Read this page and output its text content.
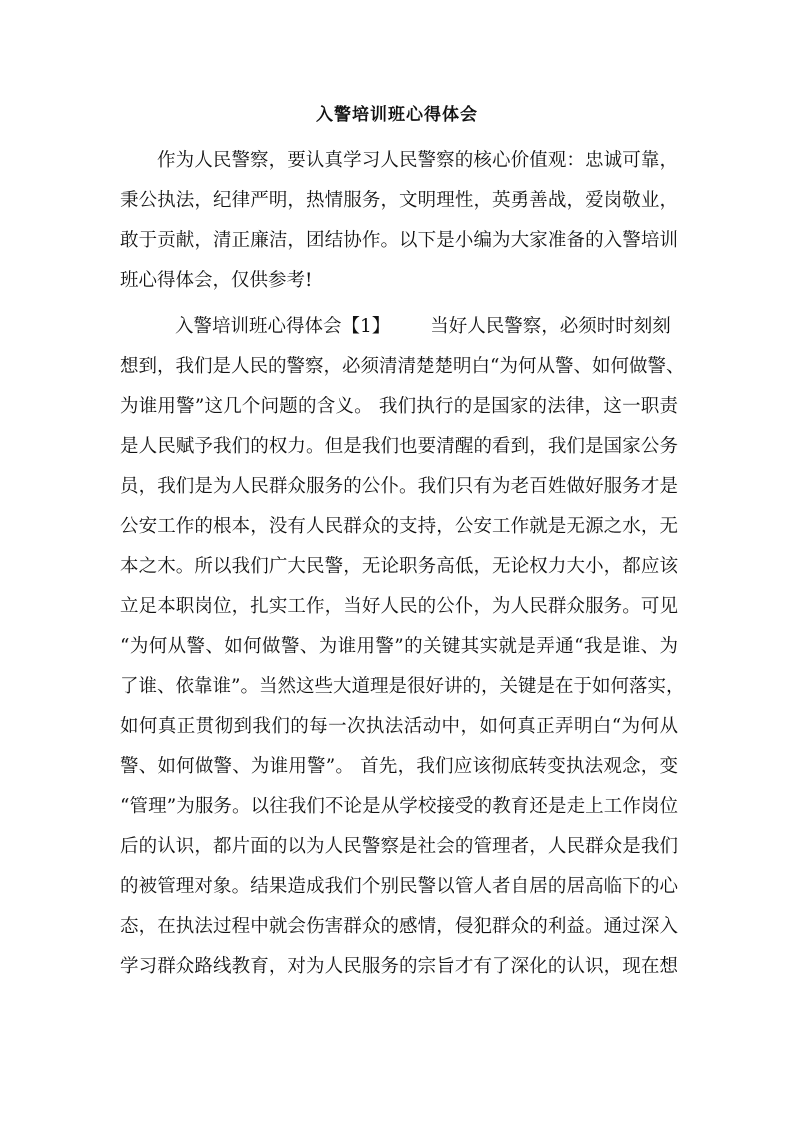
入警培训班心得体会
作为人民警察，要认真学习人民警察的核心价值观：忠诚可靠，
秉公执法，纪律严明，热情服务，文明理性，英勇善战，爱岗敬业，
敢于贡献，清正廉洁，团结协作。以下是小编为大家准备的入警培训
班心得体会，仅供参考!
入警培训班心得体会【1】 当好人民警察，必须时时刻刻
想到，我们是人民的警察，必须清清楚楚明白“为何从警、如何做警、
为谁用警”这几个问题的含义。 我们执行的是国家的法律，这一职责
是人民赋予我们的权力。但是我们也要清醒的看到，我们是国家公务
员，我们是为人民群众服务的公仆。我们只有为老百姓做好服务才是
公安工作的根本，没有人民群众的支持，公安工作就是无源之水，无
本之木。所以我们广大民警，无论职务高低，无论权力大小，都应该
立足本职岗位，扎实工作，当好人民的公仆，为人民群众服务。可见
“为何从警、如何做警、为谁用警”的关键其实就是弄通“我是谁、为
了谁、依靠谁”。当然这些大道理是很好讲的，关键是在于如何落实，
如何真正贯彻到我们的每一次执法活动中，如何真正弄明白“为何从
警、如何做警、为谁用警”。 首先，我们应该彻底转变执法观念，变
“管理”为服务。以往我们不论是从学校接受的教育还是走上工作岗位
后的认识，都片面的以为人民警察是社会的管理者，人民群众是我们
的被管理对象。结果造成我们个别民警以管人者自居的居高临下的心
态，在执法过程中就会伤害群众的感情，侵犯群众的利益。通过深入
学习群众路线教育，对为人民服务的宗旨才有了深化的认识，现在想
